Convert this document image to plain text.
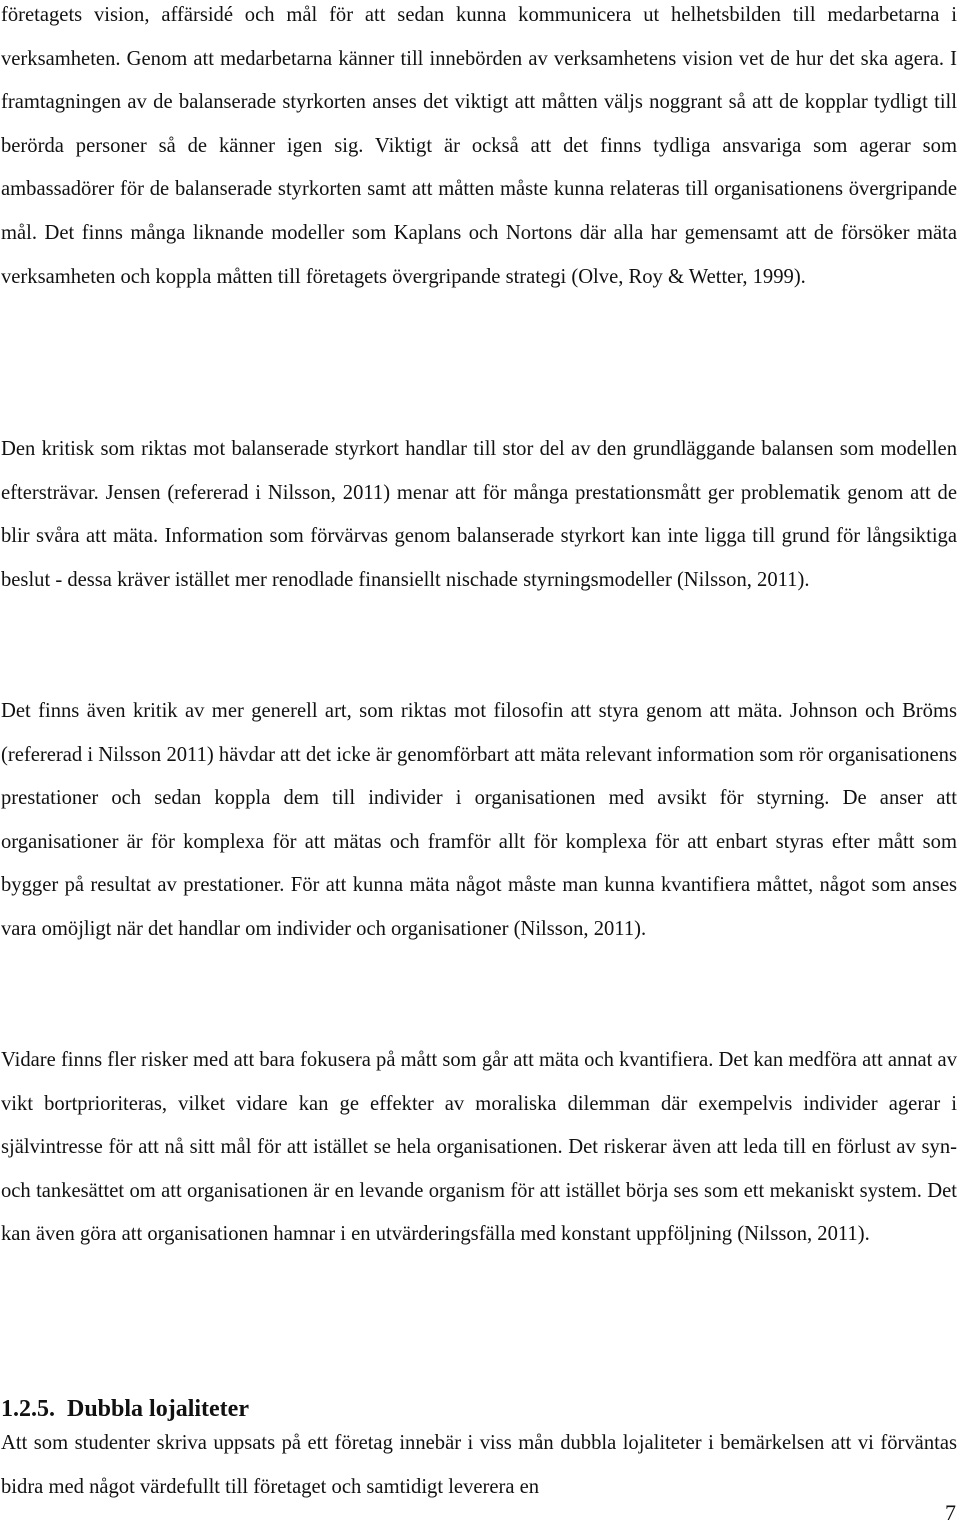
företagets vision, affärsidé och mål för att sedan kunna kommunicera ut helhetsbilden till medarbetarna i verksamheten. Genom att medarbetarna känner till innebörden av verksamhetens vision vet de hur det ska agera. I framtagningen av de balanserade styrkorten anses det viktigt att måtten väljs noggrant så att de kopplar tydligt till berörda personer så de känner igen sig. Viktigt är också att det finns tydliga ansvariga som agerar som ambassadörer för de balanserade styrkorten samt att måtten måste kunna relateras till organisationens övergripande mål. Det finns många liknande modeller som Kaplans och Nortons där alla har gemensamt att de försöker mäta verksamheten och koppla måtten till företagets övergripande strategi (Olve, Roy & Wetter, 1999).

Den kritisk som riktas mot balanserade styrkort handlar till stor del av den grundläggande balansen som modellen eftersträvar. Jensen (refererad i Nilsson, 2011) menar att för många prestationsmått ger problematik genom att de blir svåra att mäta. Information som förvärvas genom balanserade styrkort kan inte ligga till grund för långsiktiga beslut - dessa kräver istället mer renodlade finansiellt nischade styrningsmodeller (Nilsson, 2011).

Det finns även kritik av mer generell art, som riktas mot filosofin att styra genom att mäta. Johnson och Bröms (refererad i Nilsson 2011) hävdar att det icke är genomförbart att mäta relevant information som rör organisationens prestationer och sedan koppla dem till individer i organisationen med avsikt för styrning. De anser att organisationer är för komplexa för att mätas och framför allt för komplexa för att enbart styras efter mått som bygger på resultat av prestationer. För att kunna mäta något måste man kunna kvantifiera måttet, något som anses vara omöjligt när det handlar om individer och organisationer (Nilsson, 2011).

Vidare finns fler risker med att bara fokusera på mått som går att mäta och kvantifiera. Det kan medföra att annat av vikt bortprioriteras, vilket vidare kan ge effekter av moraliska dilemman där exempelvis individer agerar i självintresse för att nå sitt mål för att istället se hela organisationen. Det riskerar även att leda till en förlust av syn- och tankesättet om att organisationen är en levande organism för att istället börja ses som ett mekaniskt system. Det kan även göra att organisationen hamnar i en utvärderingsfälla med konstant uppföljning (Nilsson, 2011).

1.2.5. Dubbla lojaliteter

Att som studenter skriva uppsats på ett företag innebär i viss mån dubbla lojaliteter i bemärkelsen att vi förväntas bidra med något värdefullt till företaget och samtidigt leverera en

7
